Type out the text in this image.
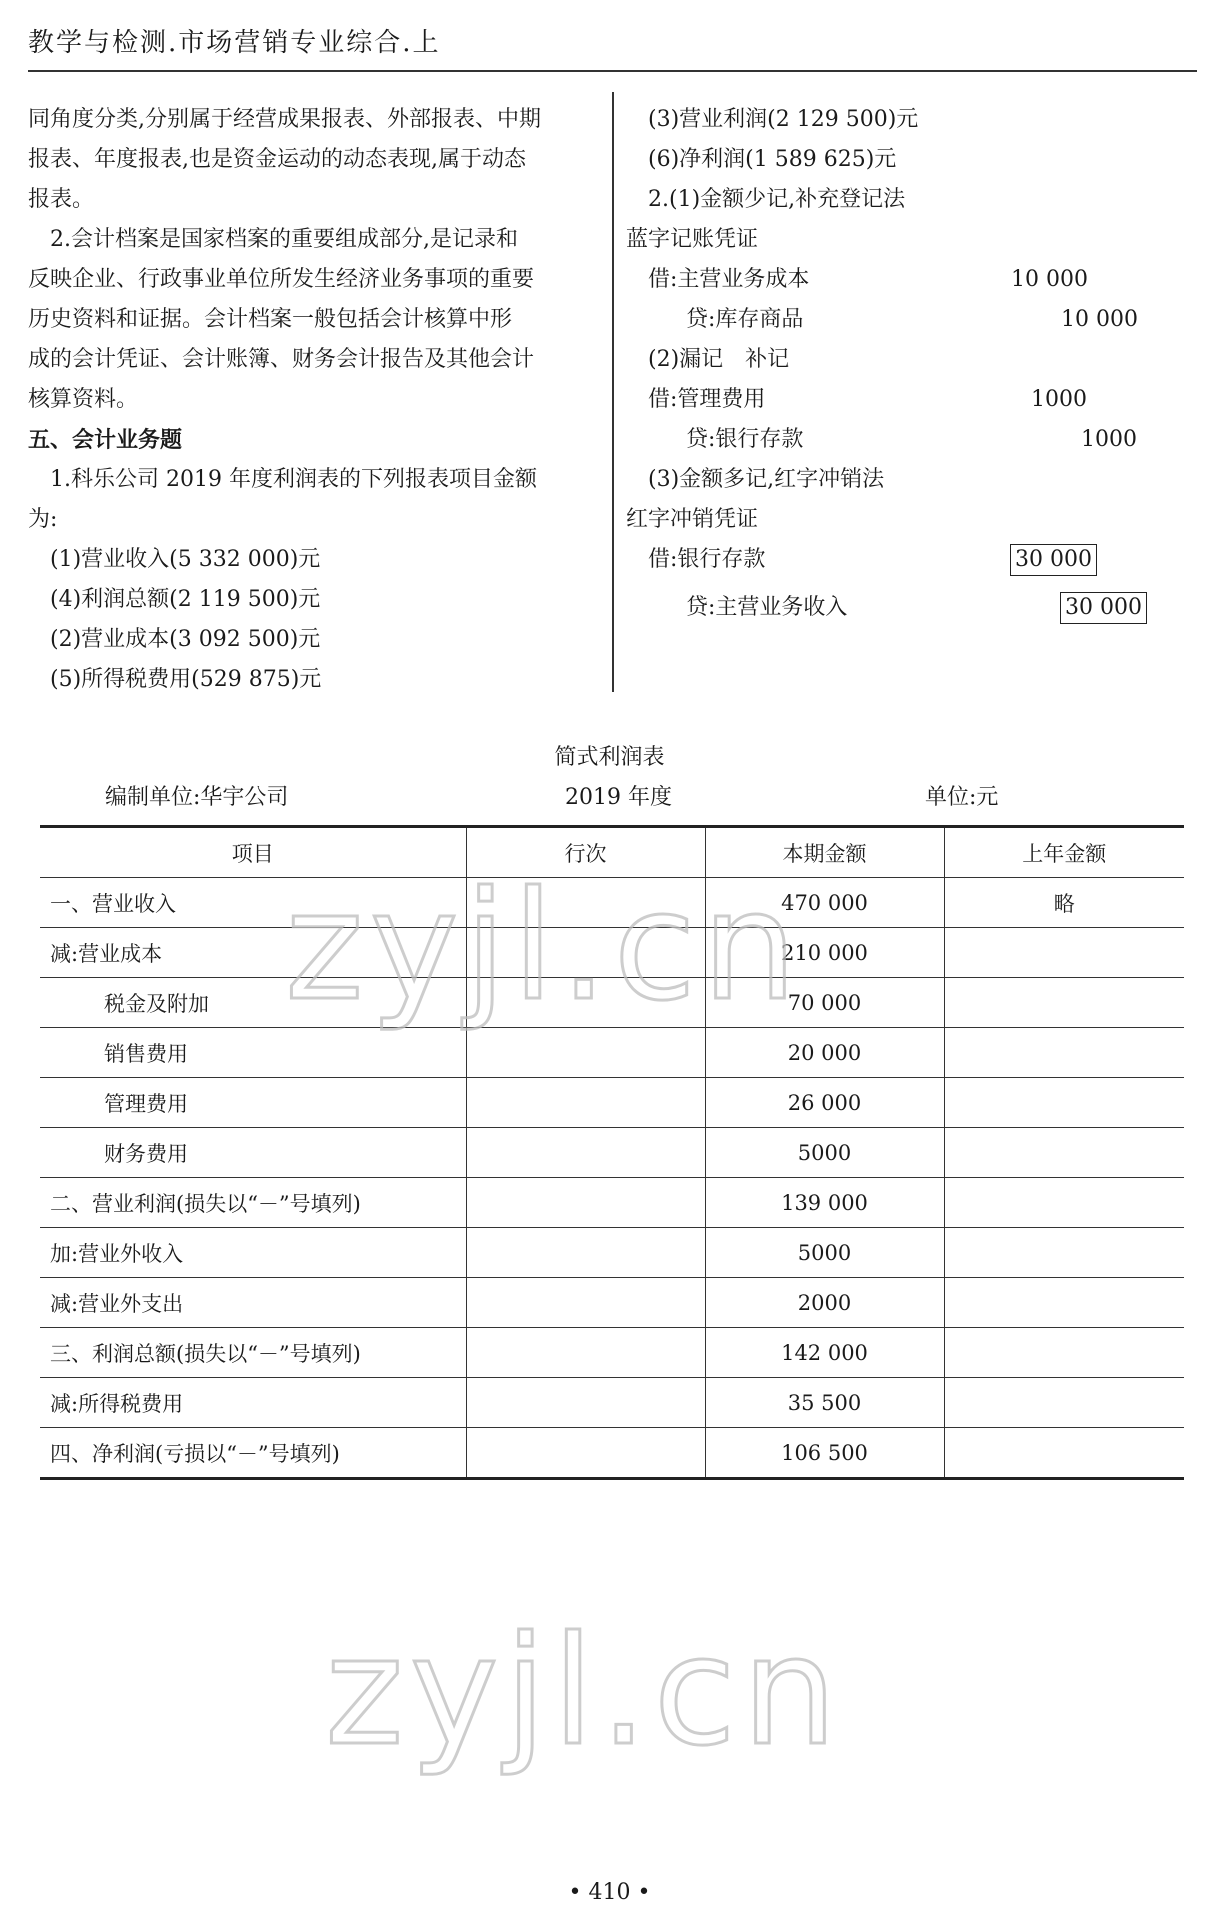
教学与检测.市场营销专业综合.上

同角度分类,分别属于经营成果报表、外部报表、中期

报表、年度报表,也是资金运动的动态表现,属于动态

报表。

2.会计档案是国家档案的重要组成部分,是记录和

反映企业、行政事业单位所发生经济业务事项的重要

历史资料和证据。会计档案一般包括会计核算中形

成的会计凭证、会计账簿、财务会计报告及其他会计

核算资料。

五、会计业务题

1.科乐公司 2019 年度利润表的下列报表项目金额

为:

(1)营业收入(5 332 000)元

(4)利润总额(2 119 500)元

(2)营业成本(3 092 500)元

(5)所得税费用(529 875)元

(3)营业利润(2 129 500)元

(6)净利润(1 589 625)元

2.(1)金额少记,补充登记法

蓝字记账凭证

借:主营业务成本	10 000
贷:库存商品	10 000

(2)漏记　补记

借:管理费用	1000
贷:银行存款	1000

(3)金额多记,红字冲销法

红字冲销凭证

借:银行存款	30 000
贷:主营业务收入	30 000
简式利润表
编制单位:华宇公司	2019 年度	单位:元
项目	行次	本期金额	上年金额
一、营业收入		470 000	略
减:营业成本		210 000	
税金及附加		70 000	
销售费用		20 000	
管理费用		26 000	
财务费用		5000	
二、营业利润(损失以“－”号填列)		139 000	
加:营业外收入		5000	
减:营业外支出		2000	
三、利润总额(损失以“－”号填列)		142 000	
减:所得税费用		35 500	
四、净利润(亏损以“－”号填列)		106 500	
zyjl.cn
zyjl.cn
• 410 •
